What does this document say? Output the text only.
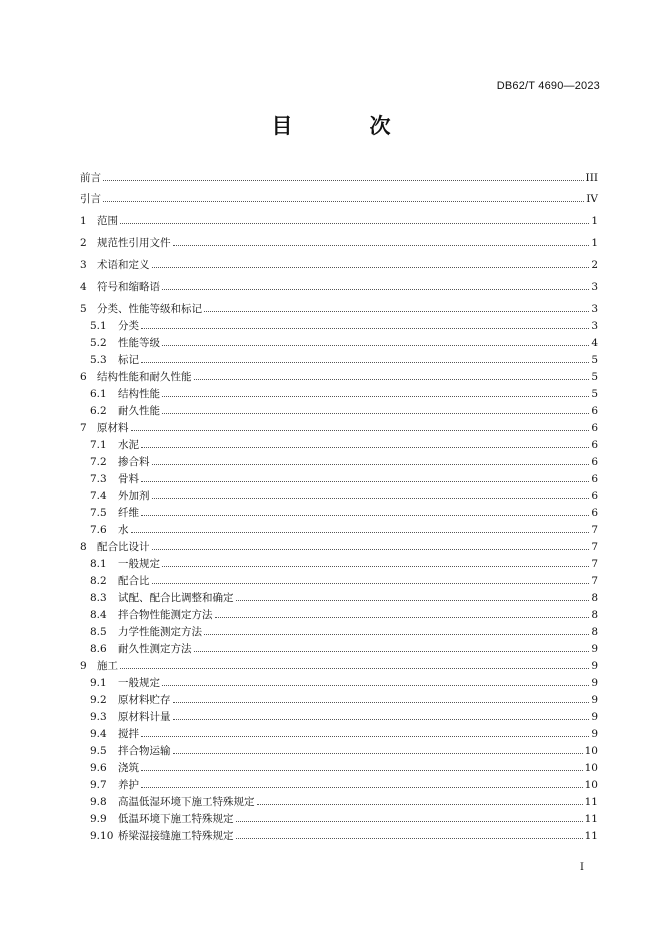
DB62/T 4690—2023
目　次
前言	III
引言	IV
1 范围	1
2 规范性引用文件	1
3 术语和定义	2
4 符号和缩略语	3
5 分类、性能等级和标记	3
5.1	分类	3
5.2	性能等级	4
5.3	标记	5
6 结构性能和耐久性能	5
6.1	结构性能	5
6.2	耐久性能	6
7 原材料	6
7.1	水泥	6
7.2	掺合料	6
7.3	骨料	6
7.4	外加剂	6
7.5	纤维	6
7.6	水	7
8 配合比设计	7
8.1	一般规定	7
8.2	配合比	7
8.3	试配、配合比调整和确定	8
8.4	拌合物性能测定方法	8
8.5	力学性能测定方法	8
8.6	耐久性测定方法	9
9 施工	9
9.1	一般规定	9
9.2	原材料贮存	9
9.3	原材料计量	9
9.4	搅拌	9
9.5	拌合物运输	10
9.6	浇筑	10
9.7	养护	10
9.8	高温低湿环境下施工特殊规定	11
9.9	低温环境下施工特殊规定	11
9.10 桥梁湿接缝施工特殊规定	11
I
